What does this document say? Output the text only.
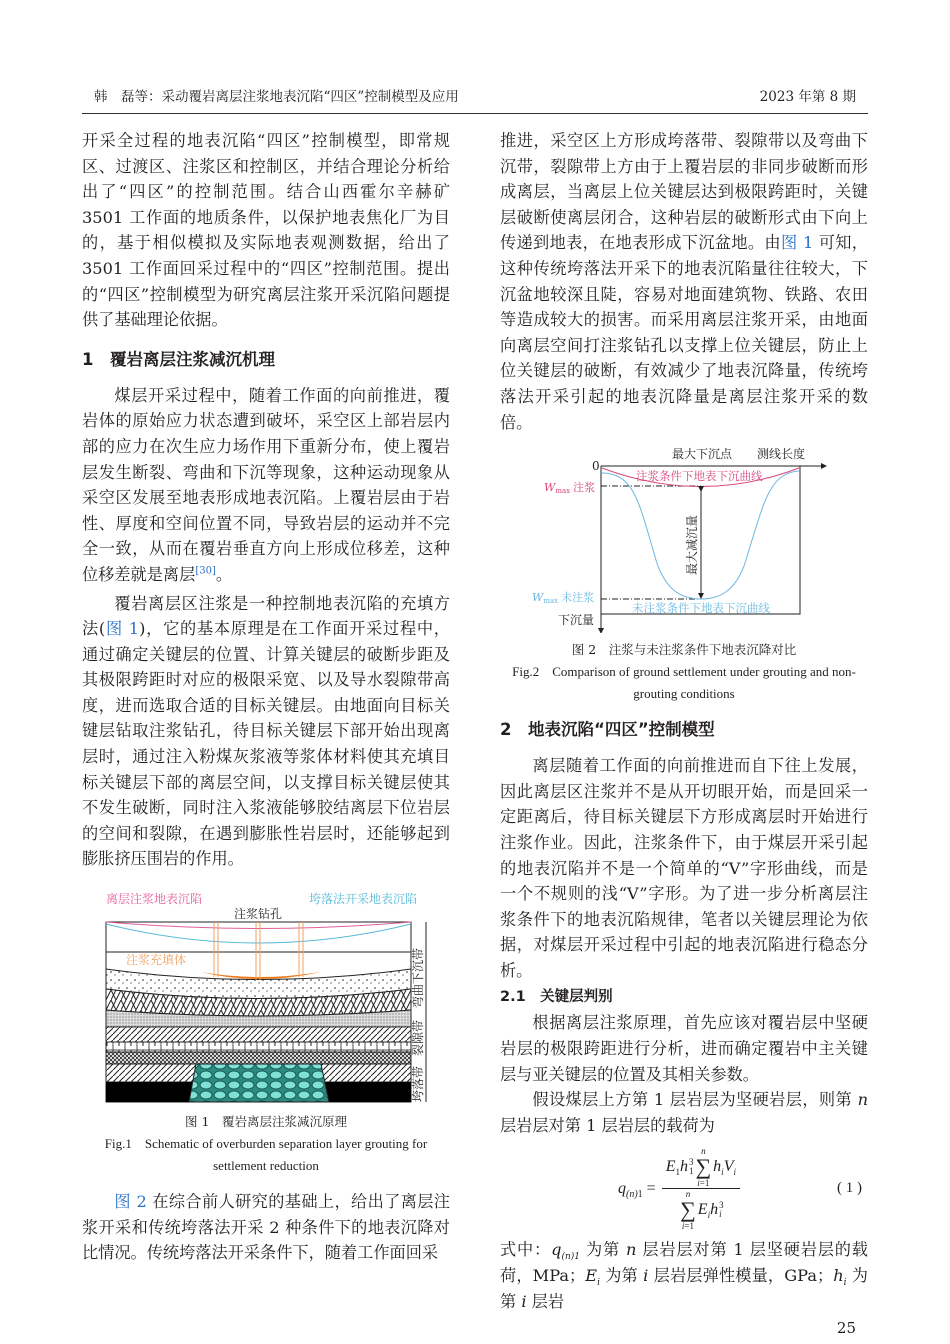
韩　磊等：采动覆岩离层注浆地表沉陷“四区”控制模型及应用	2023 年第 8 期

开采全过程的地表沉陷“四区”控制模型，即常规区、过渡区、注浆区和控制区，并结合理论分析给出了“四区”的控制范围。结合山西霍尔辛赫矿 3501 工作面的地质条件，以保护地表焦化厂为目的，基于相似模拟及实际地表观测数据，给出了 3501 工作面回采过程中的“四区”控制范围。提出的“四区”控制模型为研究离层注浆开采沉陷问题提供了基础理论依据。

1　覆岩离层注浆减沉机理

煤层开采过程中，随着工作面的向前推进，覆岩体的原始应力状态遭到破坏，采空区上部岩层内部的应力在次生应力场作用下重新分布，使上覆岩层发生断裂、弯曲和下沉等现象，这种运动现象从采空区发展至地表形成地表沉陷。上覆岩层由于岩性、厚度和空间位置不同，导致岩层的运动并不完全一致，从而在覆岩垂直方向上形成位移差，这种位移差就是离层[30]。

覆岩离层区注浆是一种控制地表沉陷的充填方法(图 1)，它的基本原理是在工作面开采过程中，通过确定关键层的位置、计算关键层的破断步距及其极限跨距时对应的极限采宽、以及导水裂隙带高度，进而选取合适的目标关键层。由地面向目标关键层钻取注浆钻孔，待目标关键层下部开始出现离层时，通过注入粉煤灰浆液等浆体材料使其充填目标关键层下部的离层空间，以支撑目标关键层使其不发生破断，同时注入浆液能够胶结离层下位岩层的空间和裂隙，在遇到膨胀性岩层时，还能够起到膨胀挤压围岩的作用。

离层注浆地表沉陷	垮落法开采地表沉陷
注浆钻孔
注浆充填体	弯曲下沉带
裂隙带
垮落带
图 1　覆岩离层注浆减沉原理
Fig.1　Schematic of overburden separation layer grouting for settlement reduction

图 2 在综合前人研究的基础上，给出了离层注浆开采和传统垮落法开采 2 种条件下的地表沉降对比情况。传统垮落法开采条件下，随着工作面回采

推进，采空区上方形成垮落带、裂隙带以及弯曲下沉带，裂隙带上方由于上覆岩层的非同步破断而形成离层，当离层上位关键层达到极限跨距时，关键层破断使离层闭合，这种岩层的破断形式由下向上传递到地表，在地表形成下沉盆地。由图 1 可知，这种传统垮落法开采下的地表沉陷量往往较大，下沉盆地较深且陡，容易对地面建筑物、铁路、农田等造成较大的损害。而采用离层注浆开采，由地面向离层空间打注浆钻孔以支撑上位关键层，防止上位关键层的破断，有效减少了地表沉降量，传统垮落法开采引起的地表沉降量是离层注浆开采的数倍。

最大下沉点 测线长度
0
最大减沉量
注浆条件下地表下沉曲线
未注浆条件下地表下沉曲线
Wmax 注浆
Wmax 未注浆
下沉量
图 2　注浆与未注浆条件下地表沉降对比
Fig.2　Comparison of ground settlement under grouting and non-grouting conditions
2　地表沉陷“四区”控制模型

离层随着工作面的向前推进而自下往上发展，因此离层区注浆并不是从开切眼开始，而是回采一定距离后，待目标关键层下方形成离层时开始进行注浆作业。因此，注浆条件下，由于煤层开采引起的地表沉陷并不是一个简单的“V”字形曲线，而是一个不规则的浅“V”字形。为了进一步分析离层注浆条件下的地表沉陷规律，笔者以关键层理论为依据，对煤层开采过程中引起的地表沉陷进行稳态分析。

2.1　关键层判别

根据离层注浆原理，首先应该对覆岩层中坚硬岩层的极限跨距进行分析，进而确定覆岩中主关键层与亚关键层的位置及其相关参数。

假设煤层上方第 1 层岩层为坚硬岩层，则第 n 层岩层对第 1 层岩层的载荷为

$q_{(n)1} = E_1h$ 3
1
n
∑
i=1
$h_iV_i$
n
∑
i=1
$E_ih$ 3
i	( 1 )

式中：$q_{(n)1}$ 为第 n 层岩层对第 1 层坚硬岩层的载荷，MPa；$E_i$ 为第 i 层岩层弹性模量，GPa；$h_i$ 为第 i 层岩

25
